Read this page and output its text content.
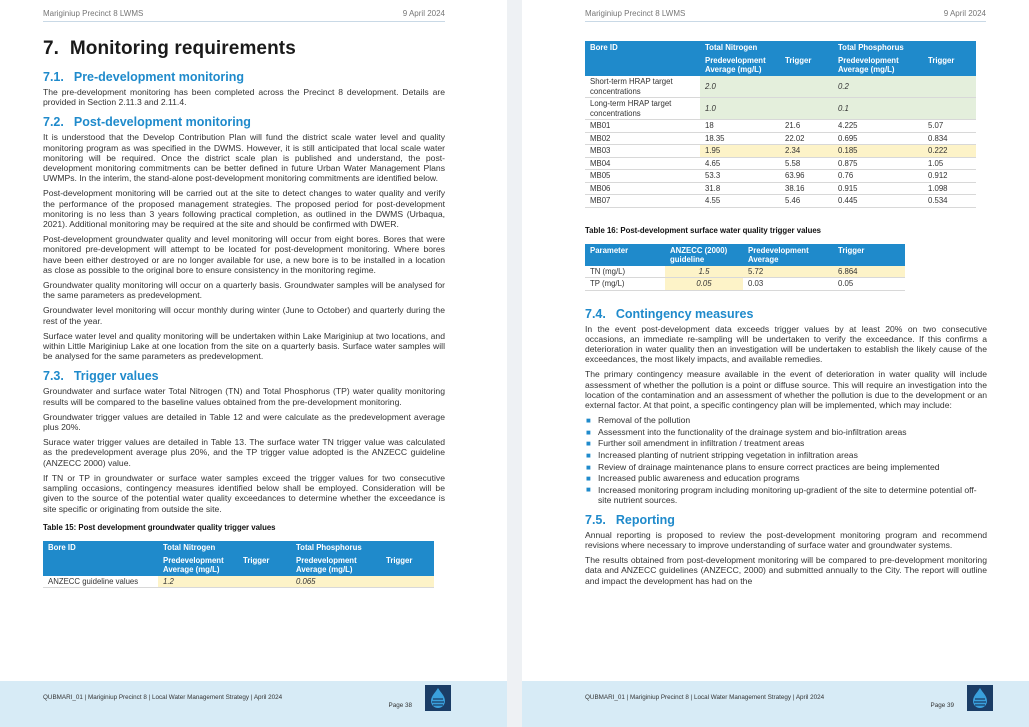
Mariginiup Precinct 8 LWMS	9 April 2024
7. Monitoring requirements
7.1. Pre-development monitoring

The pre-development monitoring has been completed across the Precinct 8 development. Details are provided in Section 2.11.3 and 2.11.4.

7.2. Post-development monitoring

It is understood that the Develop Contribution Plan will fund the district scale water level and quality monitoring program as was specified in the DWMS. However, it is still anticipated that local scale water monitoring will be required. Once the district scale plan is published and understand, the post-development monitoring commitments can be better defined in future Urban Water Management Plans UWMPs. In the interim, the stand-alone post-development monitoring commitments are identified below.

Post-development monitoring will be carried out at the site to detect changes to water quality and verify the performance of the proposed management strategies. The proposed period for post-development monitoring is no less than 3 years following practical completion, as outlined in the DWMS (Urbaqua, 2021). Additional monitoring may be required at the site and should be confirmed with DWER.

Post-development groundwater quality and level monitoring will occur from eight bores. Bores that were monitored pre-development will attempt to be located for post-development monitoring. Where bores have been either destroyed or are no longer available for use, a new bore is to be installed in a location as close as possible to the original bore to ensure consistency in the monitoring regime.

Groundwater quality monitoring will occur on a quarterly basis. Groundwater samples will be analysed for the same parameters as predevelopment.

Groundwater level monitoring will occur monthly during winter (June to October) and quarterly during the rest of the year.

Surface water level and quality monitoring will be undertaken within Lake Mariginiup at two locations, and within Little Mariginiup Lake at one location from the site on a quarterly basis. Surface water samples will be analysed for the same parameters as predevelopment.

7.3. Trigger values

Groundwater and surface water Total Nitrogen (TN) and Total Phosphorus (TP) water quality monitoring results will be compared to the baseline values obtained from the pre-development monitoring.

Groundwater trigger values are detailed in Table 12 and were calculate as the predevelopment average plus 20%.

Surace water trigger values are detailed in Table 13. The surface water TN trigger value was calculated as the predevelopment average plus 20%, and the TP trigger value adopted is the ANZECC guideline (ANZECC 2000) value.

If TN or TP in groundwater or surface water samples exceed the trigger values for two consecutive sampling occasions, contingency measures identified below shall be employed. Consideration will be given to the source of the potential water quality exceedances to determine whether the exceedance is site specific or originating from outside the site.

Table 15: Post development groundwater quality trigger values
Bore ID	Total Nitrogen		Total Phosphorus	
	Predevelopment Average (mg/L)	Trigger	Predevelopment Average (mg/L)	Trigger
ANZECC guideline values	1.2		0.065	
QUBMARI_01 | Mariginiup Precinct 8 | Local Water Management Strategy | April 2024
Page 38
Mariginiup Precinct 8 LWMS	9 April 2024
Bore ID	Total Nitrogen		Total Phosphorus	
	Predevelopment Average (mg/L)	Trigger	Predevelopment Average (mg/L)	Trigger
Short-term HRAP target concentrations	2.0		0.2	
Long-term HRAP target concentrations	1.0		0.1	
MB01	18	21.6	4.225	5.07
MB02	18.35	22.02	0.695	0.834
MB03	1.95	2.34	0.185	0.222
MB04	4.65	5.58	0.875	1.05
MB05	53.3	63.96	0.76	0.912
MB06	31.8	38.16	0.915	1.098
MB07	4.55	5.46	0.445	0.534
Table 16: Post-development surface water quality trigger values
Parameter	ANZECC (2000) guideline	Predevelopment Average	Trigger
TN (mg/L)	1.5	5.72	6.864
TP (mg/L)	0.05	0.03	0.05
7.4. Contingency measures

In the event post-development data exceeds trigger values by at least 20% on two consecutive occasions, an immediate re-sampling will be undertaken to verify the exceedance. If this confirms a deterioration in water quality then an investigation will be undertaken to establish the likely cause of the exceedances, the most likely impacts, and available remedies.

The primary contingency measure available in the event of deterioration in water quality will include assessment of whether the pollution is a point or diffuse source. This will require an investigation into the location of the contamination and an assessment of whether the pollution is due to the development or an external factor. At that point, a specific contingency plan will be implemented, which may include:

■ Removal of the pollution
■ Assessment into the functionality of the drainage system and bio-infiltration areas
■ Further soil amendment in infiltration / treatment areas
■ Increased planting of nutrient stripping vegetation in infiltration areas
■ Review of drainage maintenance plans to ensure correct practices are being implemented
■ Increased public awareness and education programs
■ Increased monitoring program including monitoring up-gradient of the site to determine potential off-site nutrient sources.
7.5. Reporting

Annual reporting is proposed to review the post-development monitoring program and recommend revisions where necessary to improve understanding of surface water and groundwater systems.

The results obtained from post-development monitoring will be compared to pre-development monitoring data and ANZECC guidelines (ANZECC, 2000) and submitted annually to the City. The report will outline and impact the development has had on the

QUBMARI_01 | Mariginiup Precinct 8 | Local Water Management Strategy | April 2024
Page 39
